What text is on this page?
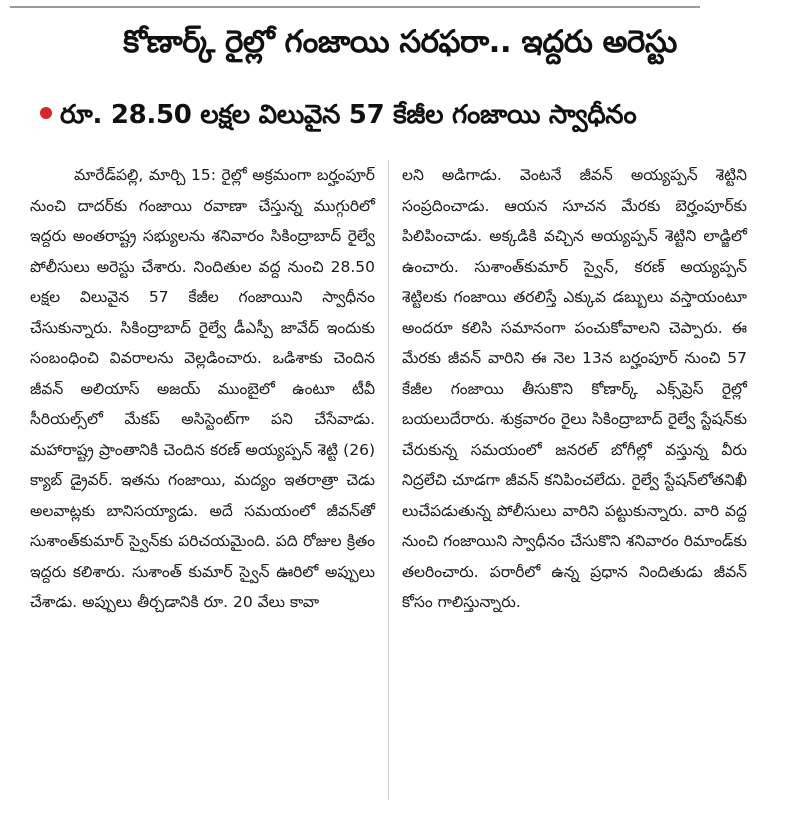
కోణార్క్ రైల్లో గంజాయి సరఫరా.. ఇద్దరు అరెస్టు
రూ. 28.50 లక్షల విలువైన 57 కేజీల గంజాయి స్వాధీనం

మారేడ్‌పల్లి, మార్చి 15: రైల్లో అక్రమంగా బర్హంపూర్ నుంచి దాదర్‌కు గంజాయి రవాణా చేస్తున్న ముగ్గురిలో ఇద్దరు అంతరాష్ట్ర సభ్యులను శనివారం సికింద్రాబాద్ రైల్వే పోలీసులు అరెస్టు చేశారు. నిందితుల వద్ద నుంచి 28.50 లక్షల విలువైన 57 కేజీల గంజాయిని స్వాధీనం చేసుకున్నారు. సికింద్రాబాద్ రైల్వే డీఎస్పీ జావేద్ ఇందుకు సంబంధించి వివరాలను వెల్లడించారు. ఒడిశాకు చెందిన జీవన్ అలియాస్ అజయ్ ముంబైలో ఉంటూ టీవీ సీరియల్స్‌లో మేకప్ అసిస్టెంట్‌గా పని చేసేవాడు. మహారాష్ట్ర ప్రాంతానికి చెందిన కరణ్ అయ్యప్పన్ శెట్టి (26) క్యాబ్ డ్రైవర్. ఇతను గంజాయి, మద్యం ఇతరాత్రా చెడు అలవాట్లకు బానిసయ్యాడు. అదే సమయంలో జీవన్‌తో సుశాంత్‌కుమార్ స్వైన్‌కు పరిచయమైంది. పది రోజుల క్రితం ఇద్దరు కలిశారు. సుశాంత్ కుమార్ స్వైన్ ఊరిలో అప్పులు చేశాడు. అప్పులు తీర్చడానికి రూ. 20 వేలు కావా

లని అడిగాడు. వెంటనే జీవన్ అయ్యప్పన్ శెట్టిని సంప్రదించాడు. ఆయన సూచన మేరకు బెర్హంపూర్‌కు పిలిపించాడు. అక్కడికి వచ్చిన అయ్యప్పన్ శెట్టిని లాడ్జిలో ఉంచారు. సుశాంత్‌కుమార్ స్వైన్, కరణ్ అయ్యప్పన్ శెట్టిలకు గంజాయి తరలిస్తే ఎక్కువ డబ్బులు వస్తాయంటూ అందరూ కలిసి సమానంగా పంచుకోవాలని చెప్పారు. ఈ మేరకు జీవన్ వారిని ఈ నెల 13న బర్హంపూర్ నుంచి 57 కేజీల గంజాయి తీసుకొని కోణార్క్ ఎక్స్‌ప్రెస్ రైల్లో బయలుదేరారు. శుక్రవారం రైలు సికింద్రాబాద్ రైల్వే స్టేషన్‌కు చేరుకున్న సమయంలో జనరల్ బోగీల్లో వస్తున్న వీరు నిద్రలేచి చూడగా జీవన్ కనిపించలేదు. రైల్వే స్టేషన్‌లోతనిఖీ లుచేపడుతున్న పోలీసులు వారిని పట్టుకున్నారు. వారి వద్ద నుంచి గంజాయిని స్వాధీనం చేసుకొని శనివారం రిమాండ్‌కు తలరించారు. పరారీలో ఉన్న ప్రధాన నిందితుడు జీవన్ కోసం గాలిస్తున్నారు.
